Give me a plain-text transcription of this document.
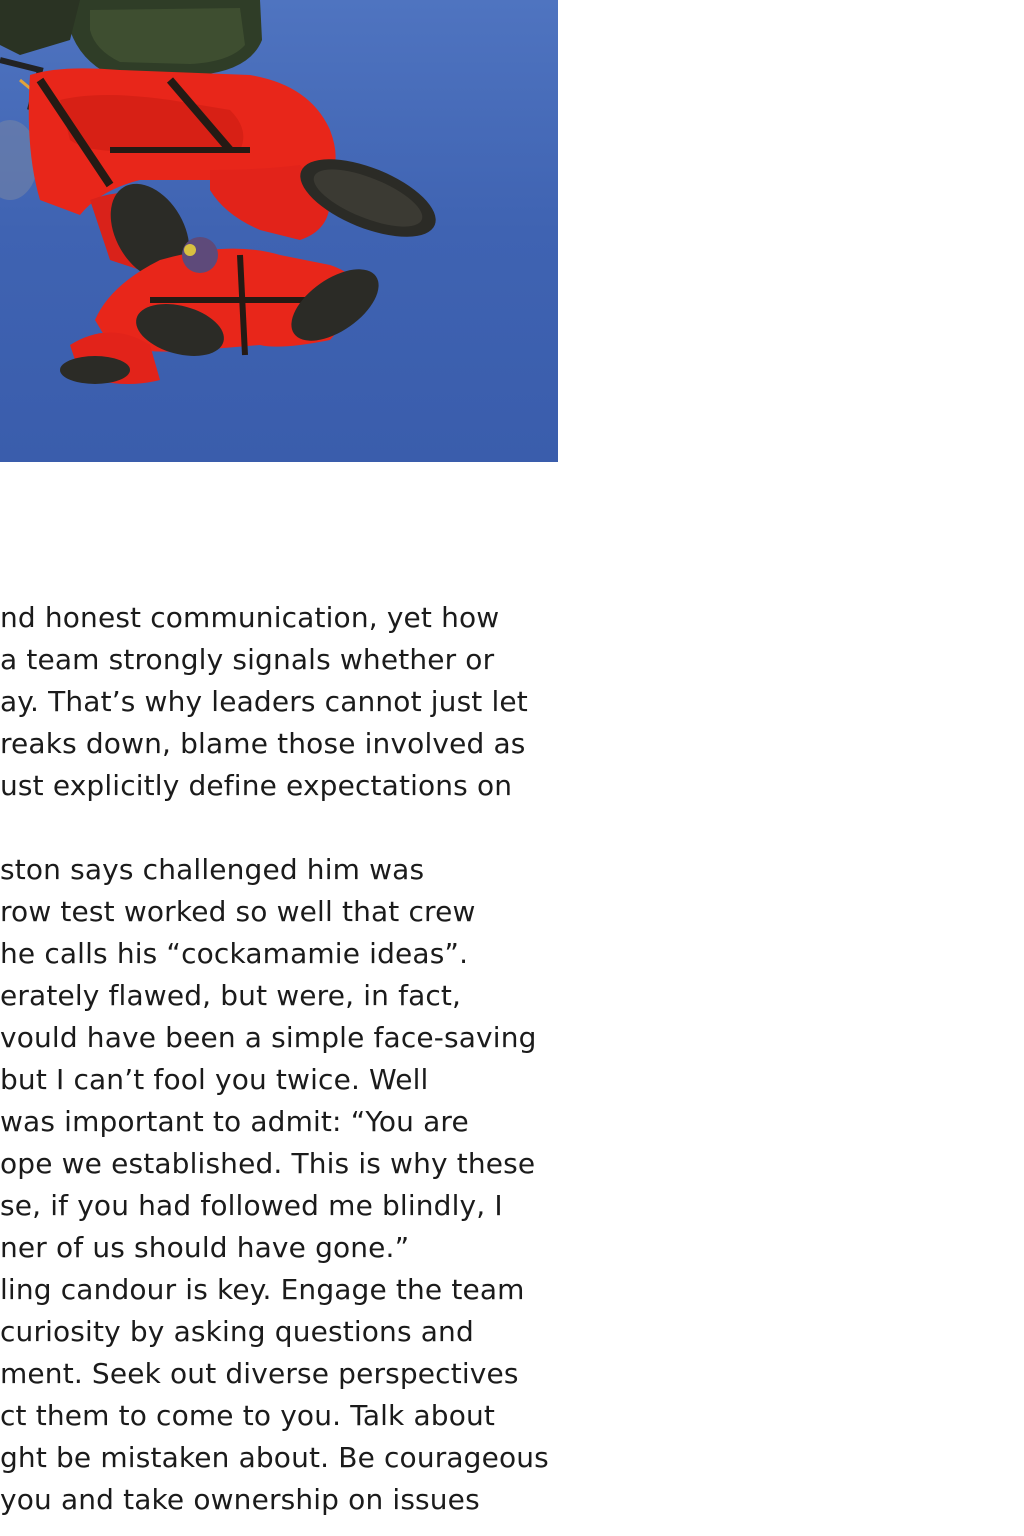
nd honest communication, yet how
a team strongly signals whether or
ay. That’s why leaders cannot just let
reaks down, blame those involved as
ust explicitly define expectations on
ston says challenged him was
row test worked so well that crew
he calls his “cockamamie ideas”.
erately flawed, but were, in fact,
vould have been a simple face-saving
but I can’t fool you twice. Well
was important to admit: “You are
ope we established. This is why these
se, if you had followed me blindly, I
ner of us should have gone.”
ling candour is key. Engage the team
curiosity by asking questions and
ment. Seek out diverse perspectives
ct them to come to you. Talk about
ght be mistaken about. Be courageous
you and take ownership on issues
